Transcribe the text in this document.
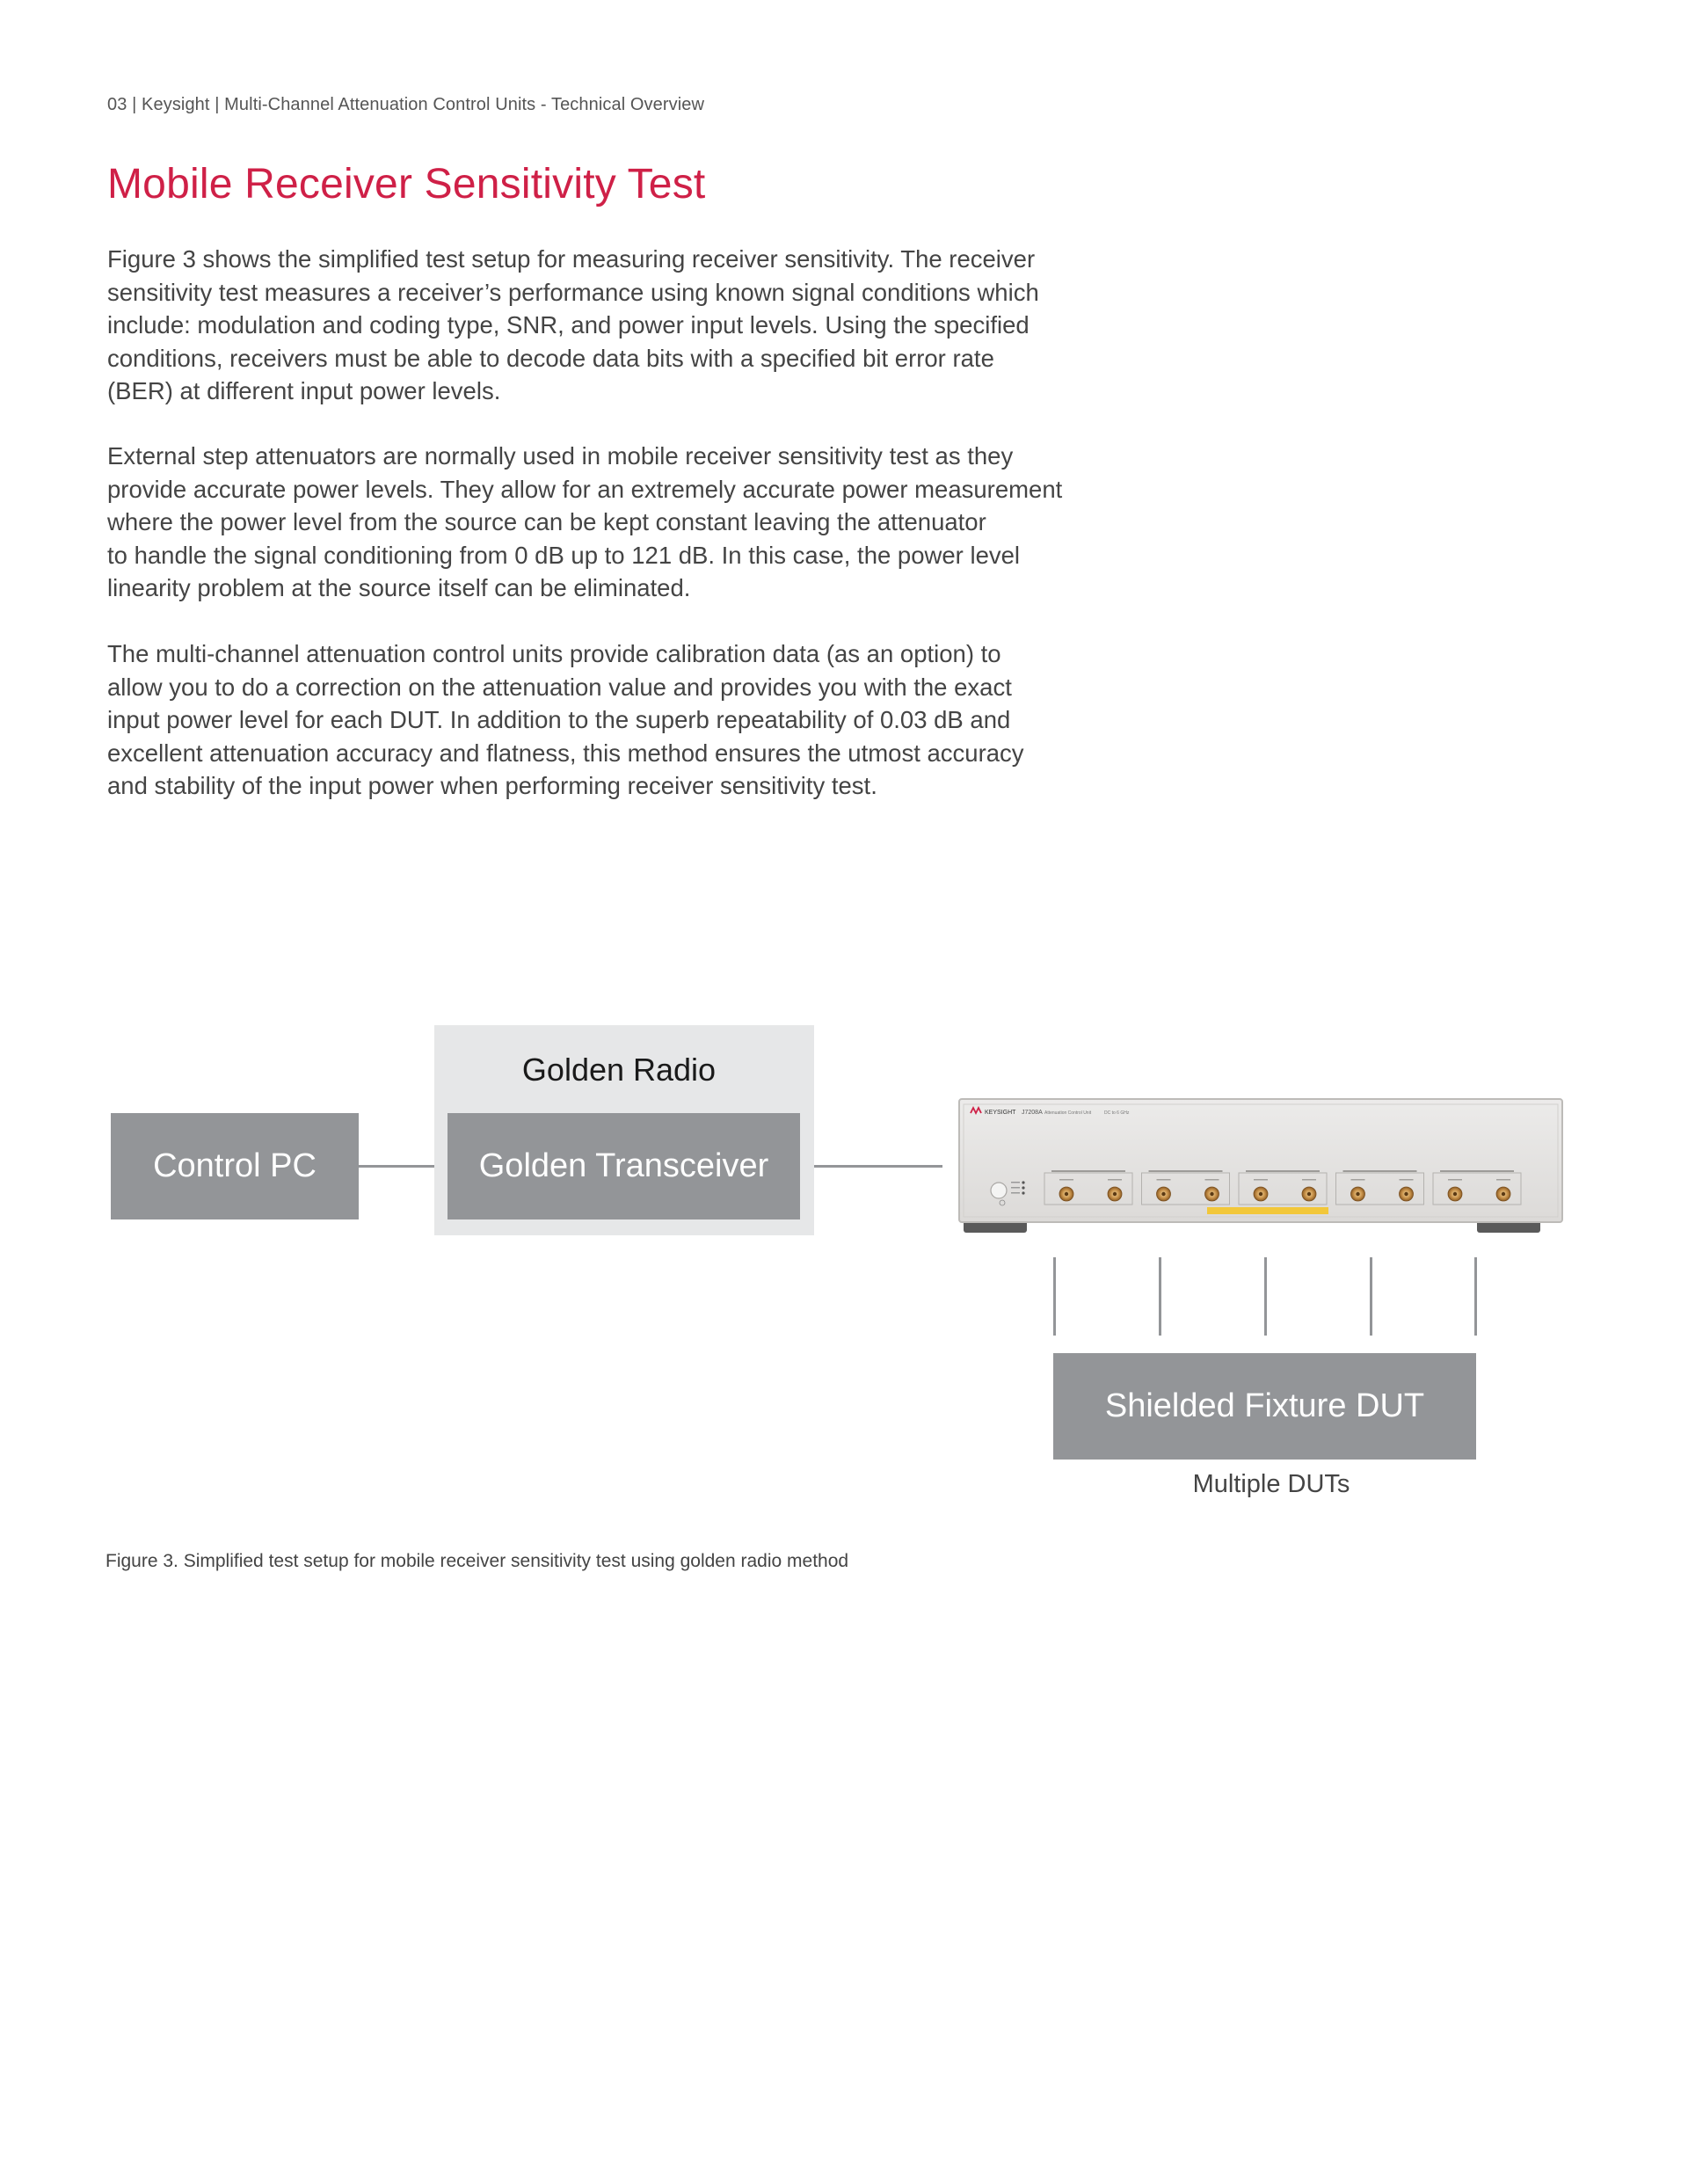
03 | Keysight | Multi-Channel Attenuation Control Units - Technical Overview
Mobile Receiver Sensitivity Test

Figure 3 shows the simplified test setup for measuring receiver sensitivity. The receiver
sensitivity test measures a receiver’s performance using known signal conditions which
include: modulation and coding type, SNR, and power input levels. Using the specified
conditions, receivers must be able to decode data bits with a specified bit error rate
(BER) at different input power levels.

External step attenuators are normally used in mobile receiver sensitivity test as they
provide accurate power levels. They allow for an extremely accurate power measurement
where the power level from the source can be kept constant leaving the attenuator
to handle the signal conditioning from 0 dB up to 121 dB. In this case, the power level
linearity problem at the source itself can be eliminated.

The multi-channel attenuation control units provide calibration data (as an option) to
allow you to do a correction on the attenuation value and provides you with the exact
input power level for each DUT. In addition to the superb repeatability of 0.03 dB and
excellent attenuation accuracy and flatness, this method ensures the utmost accuracy
and stability of the input power when performing receiver sensitivity test.

Golden Radio
Control PC	Golden Transceiver
KEYSIGHT J7208A Attenuation Control Unit	DC to 6 GHz
Shielded Fixture DUT
Multiple DUTs
Figure 3. Simplified test setup for mobile receiver sensitivity test using golden radio method
